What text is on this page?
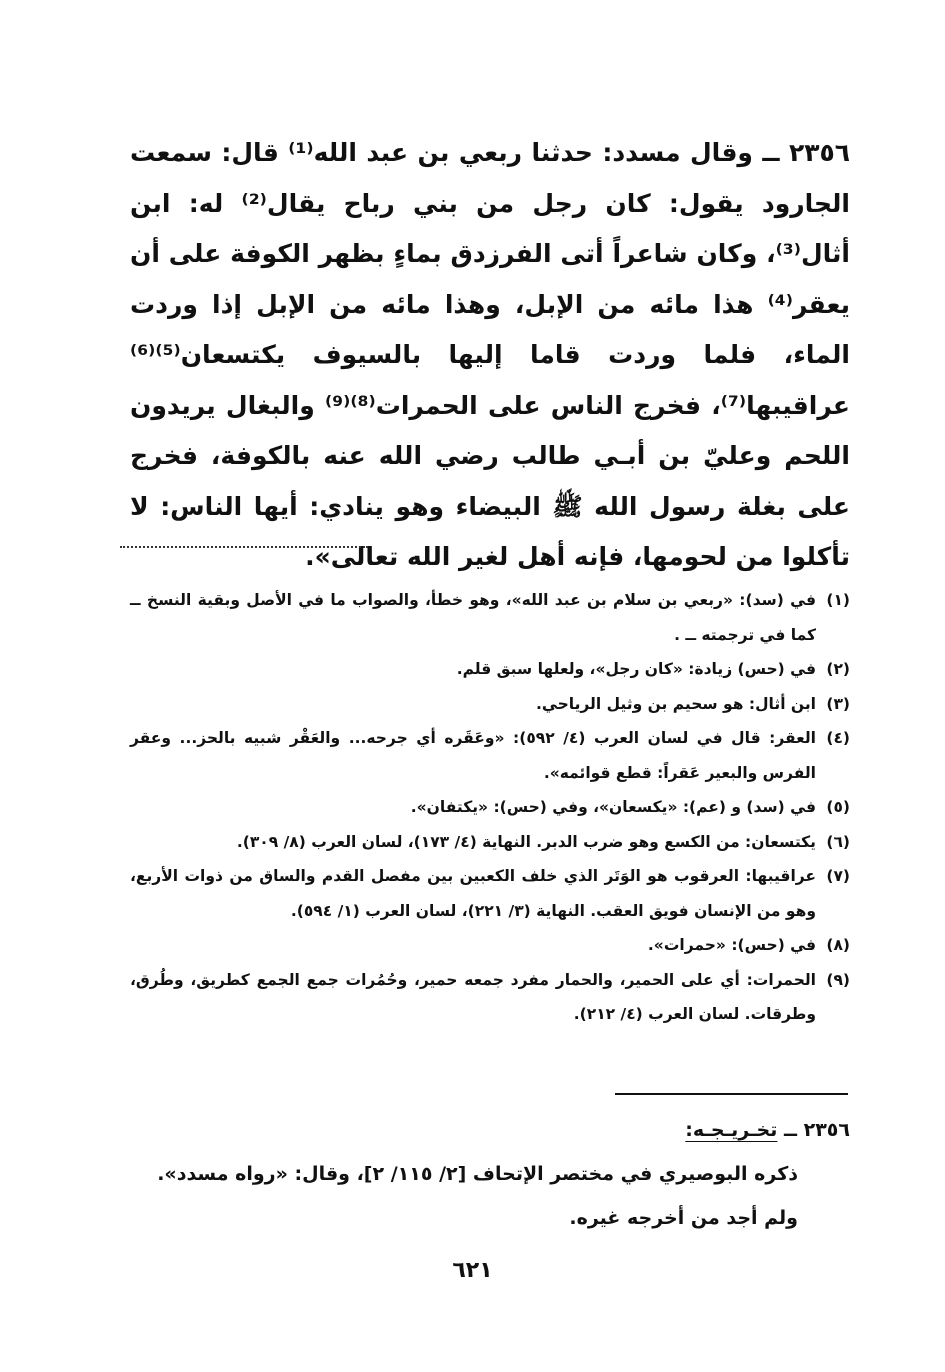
٢٣٥٦ ــ وقال مسدد: حدثنا ربعي بن عبد الله⁽¹⁾ قال: سمعت الجارود يقول: كان رجل من بني رباح يقال⁽²⁾ له: ابن أثال⁽³⁾، وكان شاعراً أتى الفرزدق بماءٍ بظهر الكوفة على أن يعقر⁽⁴⁾ هذا مائه من الإبل، وهذا مائه من الإبل إذا وردت الماء، فلما وردت قاما إليها بالسيوف يكتسعان⁽⁵⁾⁽⁶⁾ عراقيبها⁽⁷⁾، فخرج الناس على الحمرات⁽⁸⁾⁽⁹⁾ والبغال يريدون اللحم وعليّ بن أبـي طالب رضي الله عنه بالكوفة، فخرج على بغلة رسول الله ﷺ البيضاء وهو ينادي: أيها الناس: لا تأكلوا من لحومها، فإنه أهل لغير الله تعالى».
(١)
في (سد): «ربعي بن سلام بن عبد الله»، وهو خطأ، والصواب ما في الأصل وبقية النسخ ــ كما في ترجمته ــ .
(٢)
في (حس) زيادة: «كان رجل»، ولعلها سبق قلم.
(٣)
ابن أثال: هو سحيم بن وثيل الرياحي.
(٤)
العقر: قال في لسان العرب (٤/ ٥٩٢): «وعَقَره أي جرحه... والعَقْر شبيه بالحز... وعقر الفرس والبعير عَقراً: قطع قوائمه».
(٥)
في (سد) و (عم): «يكسعان»، وفي (حس): «يكتفان».
(٦)
يكتسعان: من الكسع وهو ضرب الدبر. النهاية (٤/ ١٧٣)، لسان العرب (٨/ ٣٠٩).
(٧)
عراقيبها: العرقوب هو الوَتَر الذي خلف الكعبين بين مفصل القدم والساق من ذوات الأربع، وهو من الإنسان فويق العقب. النهاية (٣/ ٢٢١)، لسان العرب (١/ ٥٩٤).
(٨)
في (حس): «حمرات».
(٩)
الحمرات: أي على الحمير، والحمار مفرد جمعه حمير، وحُمُرات جمع الجمع كطريق، وطُرق، وطرقات. لسان العرب (٤/ ٢١٢).
٢٣٥٦ ــ تخـريـجـه:
ذكره البوصيري في مختصر الإتحاف [٢/ ١١٥/ ٢]، وقال: «رواه مسدد».
ولم أجد من أخرجه غيره.
٦٢١
